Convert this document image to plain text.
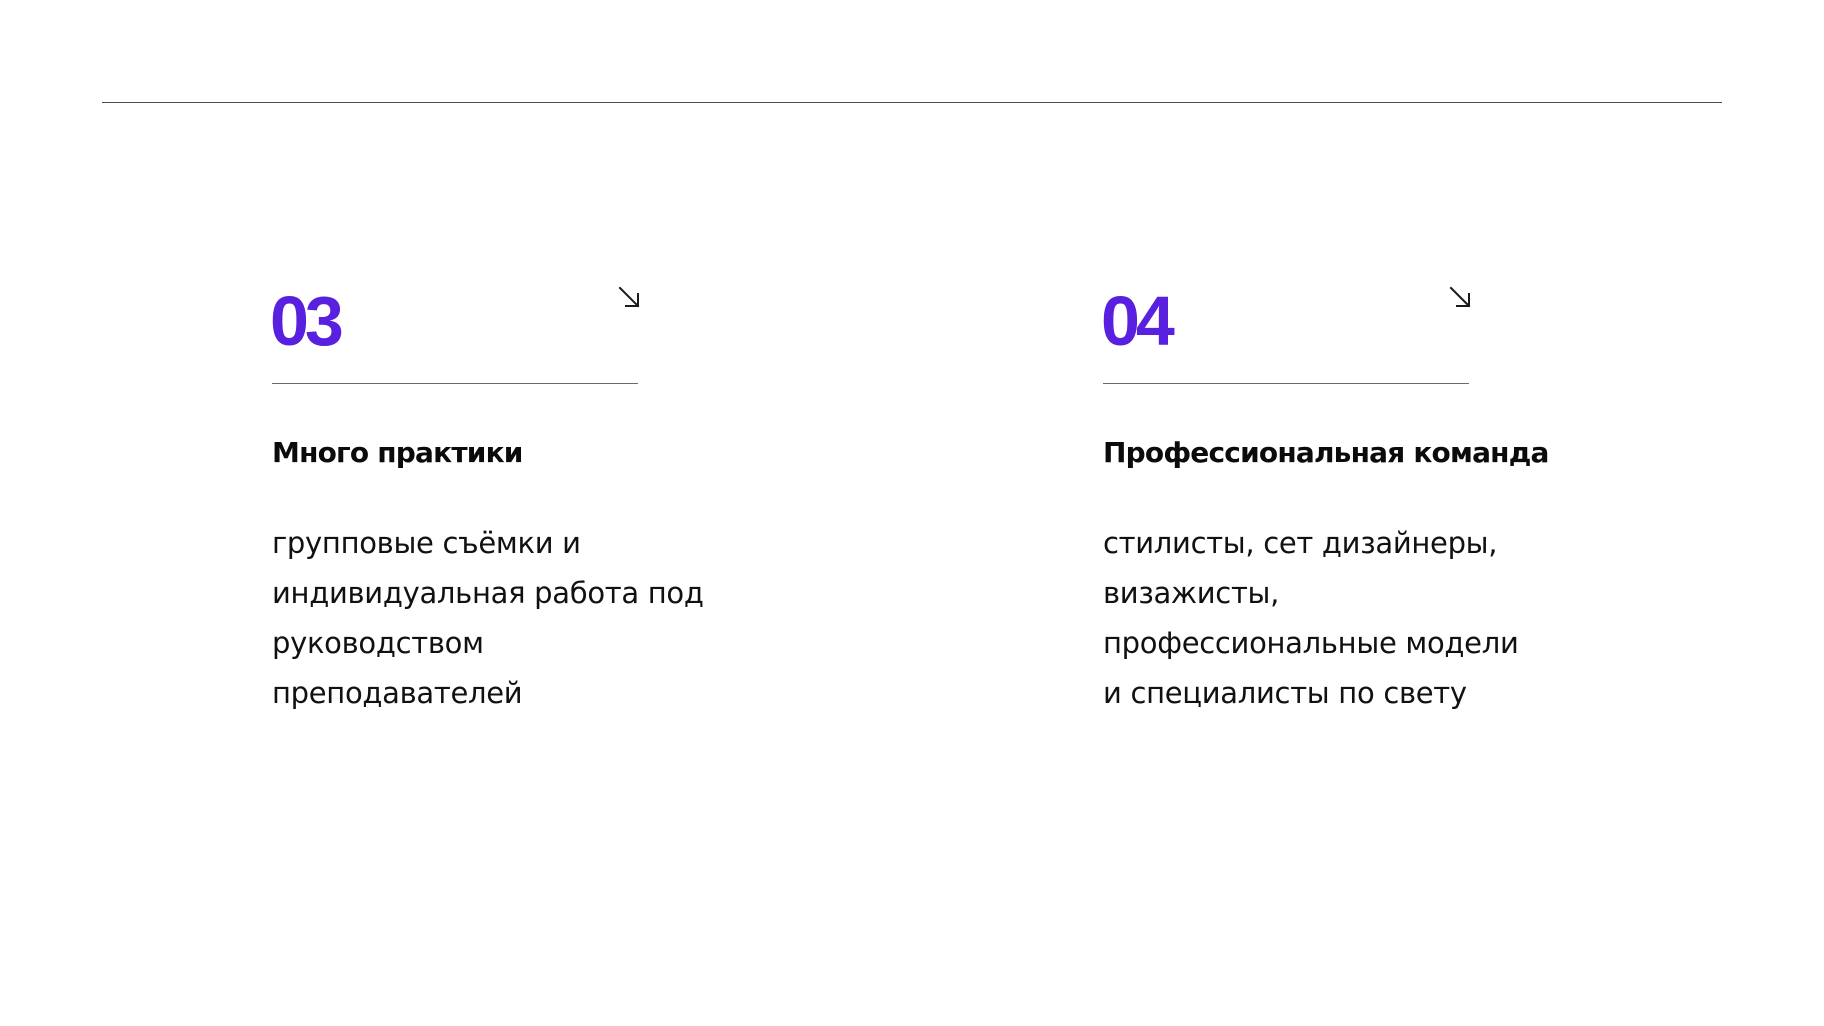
03
Много практики
групповые съёмки и
индивидуальная работа под
руководством
преподавателей
04
Профессиональная команда
стилисты, сет дизайнеры,
визажисты,
профессиональные модели
и специалисты по свету
